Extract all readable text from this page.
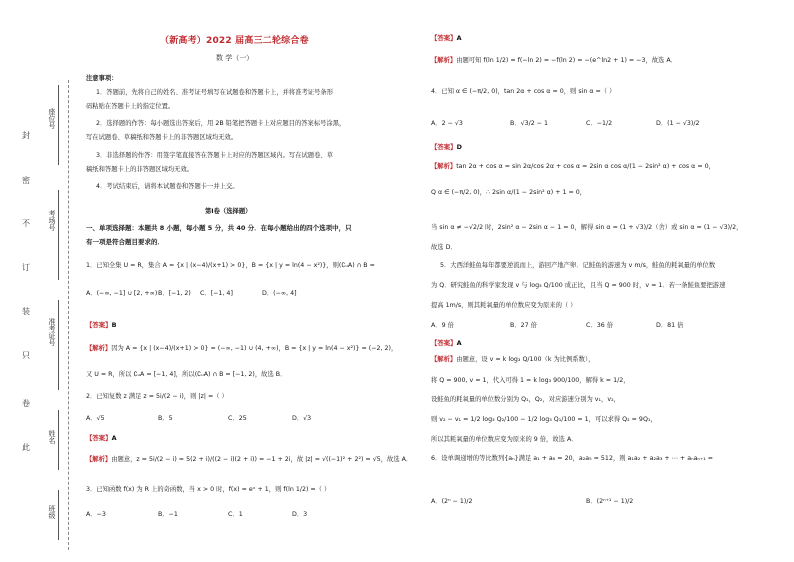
座位号
考场号
准考证号
姓名
班级
封
密
不
订
装
只
卷
此
（新高考）2022 届高三二轮综合卷
数 学（一）
注意事项：
1．答题前，先将自己的姓名、准考证号填写在试题卷和答题卡上，并将准考证号条形
码粘贴在答题卡上的指定位置。
2．选择题的作答：每小题选出答案后，用 2B 铅笔把答题卡上对应题目的答案标号涂黑，
写在试题卷、草稿纸和答题卡上的非答题区域均无效。
3．非选择题的作答：用签字笔直接答在答题卡上对应的答题区域内。写在试题卷、草
稿纸和答题卡上的非答题区域均无效。
4．考试结束后，请将本试题卷和答题卡一并上交。
第Ⅰ卷（选择题）
一、单项选择题：本题共 8 小题，每小题 5 分，共 40 分．在每小题给出的四个选项中，只
有一项是符合题目要求的．
1．已知全集 U = R，集合 A = {x | (x−4)/(x+1) > 0}，B = {x | y = ln(4 − x²)}，则(∁ᵤA) ∩ B =
A．(−∞, −1] ∪ [2, +∞) B．[−1, 2) C．[−1, 4]	D．(−∞, 4]
【答案】B
【解析】因为 A = {x | (x−4)/(x+1) > 0} = (−∞, −1) ∪ (4, +∞)，B = {x | y = ln(4 − x²)} = (−2, 2)，
又 U = R，所以 ∁ᵤA = [−1, 4]，所以(∁ᵤA) ∩ B = [−1, 2)，故选 B．
2．已知复数 z 满足 z = 5i/(2 − i)，则 |z| =（ ）
A．√5	B．5	C．25	D．√3
【答案】A
【解析】由题意，z = 5i/(2 − i) = 5(2 + i)/((2 − i)(2 + i)) = −1 + 2i，故 |z| = √((−1)² + 2²) = √5，故选 A．
3．已知函数 f(x) 为 R 上的奇函数，当 x > 0 时，f(x) = eˣ + 1，则 f(ln 1/2) =（ ）
A．−3	B．−1	C．1	D．3
【答案】A
【解析】由题可知 f(ln 1/2) = f(−ln 2) = −f(ln 2) = −(e^ln2 + 1) = −3，故选 A．
4．已知 α ∈ (−π/2, 0)，tan 2α + cos α = 0，则 sin α =（ ）
A．2 − √3	B．√3/2 − 1	C．−1/2	D．(1 − √3)/2
【答案】D
【解析】tan 2α + cos α = sin 2α/cos 2α + cos α = 2sin α cos α/(1 − 2sin² α) + cos α = 0，
Q α ∈ (−π/2, 0)，∴ 2sin α/(1 − 2sin² α) + 1 = 0，
当 sin α ≠ −√2/2 时，2sin² α − 2sin α − 1 = 0，解得 sin α = (1 + √3)/2（舍）或 sin α = (1 − √3)/2，
故选 D．
5．大西洋鲑鱼每年都要逆流而上，游回产地产卵．记鲑鱼的游速为 v m/s，鲑鱼的耗氧量的单位数
为 Q．研究鲑鱼的科学家发现 v 与 log₃ Q/100 成正比，且当 Q = 900 时，v = 1．若一条鲑鱼要把游速
提高 1m/s，则其耗氧量的单位数应变为原来的（ ）
A．9 倍	B．27 倍	C．36 倍	D．81 倍
【答案】A
【解析】由题意，设 v = k log₃ Q/100（k 为比例系数），
将 Q = 900, v = 1，代入可得 1 = k log₃ 900/100，解得 k = 1/2，
设鲑鱼的耗氧量的单位数分别为 Q₁，Q₂，对应游速分别为 v₁，v₂，
则 v₂ − v₁ = 1/2 log₃ Q₂/100 − 1/2 log₃ Q₁/100 = 1，可以求得 Q₂ = 9Q₁，
所以其耗氧量的单位数应变为原来的 9 倍，故选 A．
6．设单调递增的等比数列{aₙ}满足 a₁ + a₆ = 20，a₂a₅ = 512，则 a₁a₂ + a₂a₃ + ⋯ + aₙaₙ₊₁ =
A．(2ⁿ − 1)/2	B．(2ⁿ⁺¹ − 1)/2
